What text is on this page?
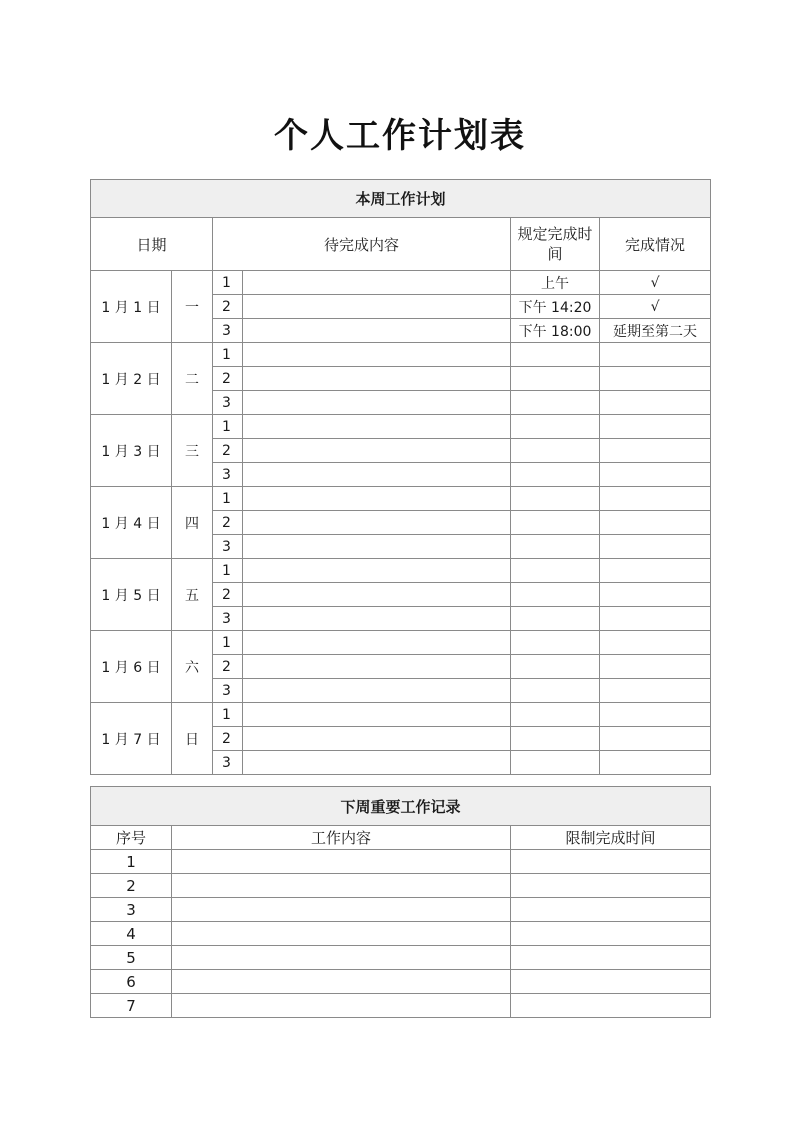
个人工作计划表
本周工作计划					
日期		待完成内容		规定完成时间	完成情况
1 月 1 日	一	1		上午	√
		2		下午 14:20	√
		3		下午 18:00	延期至第二天
1 月 2 日	二	1			
		2			
		3			
1 月 3 日	三	1			
		2			
		3			
1 月 4 日	四	1			
		2			
		3			
1 月 5 日	五	1			
		2			
		3			
1 月 6 日	六	1			
		2			
		3			
1 月 7 日	日	1			
		2			
		3			
下周重要工作记录		
序号	工作内容	限制完成时间
1		
2		
3		
4		
5		
6		
7		
